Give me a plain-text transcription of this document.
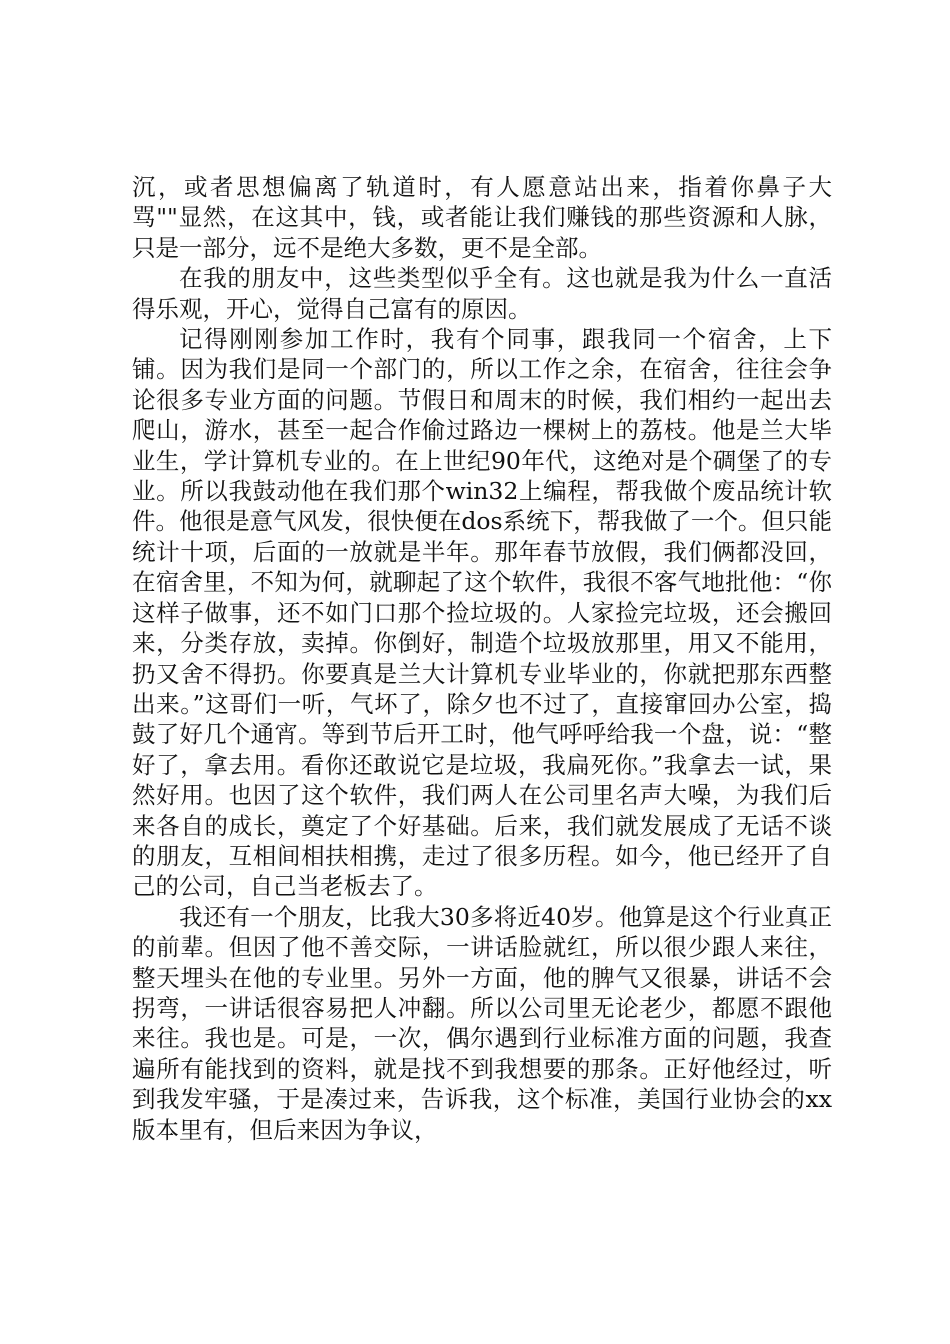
沉，或者思想偏离了轨道时，有人愿意站出来，指着你鼻子大骂""显然，在这其中，钱，或者能让我们赚钱的那些资源和人脉，只是一部分，远不是绝大多数，更不是全部。

在我的朋友中，这些类型似乎全有。这也就是我为什么一直活得乐观，开心，觉得自己富有的原因。

记得刚刚参加工作时，我有个同事，跟我同一个宿舍，上下铺。因为我们是同一个部门的，所以工作之余，在宿舍，往往会争论很多专业方面的问题。节假日和周末的时候，我们相约一起出去爬山，游水，甚至一起合作偷过路边一棵树上的荔枝。他是兰大毕业生，学计算机专业的。在上世纪90年代，这绝对是个碉堡了的专业。所以我鼓动他在我们那个win32上编程，帮我做个废品统计软件。他很是意气风发，很快便在dos系统下，帮我做了一个。但只能统计十项，后面的一放就是半年。那年春节放假，我们俩都没回，在宿舍里，不知为何，就聊起了这个软件，我很不客气地批他：“你这样子做事，还不如门口那个捡垃圾的。人家捡完垃圾，还会搬回来，分类存放，卖掉。你倒好，制造个垃圾放那里，用又不能用，扔又舍不得扔。你要真是兰大计算机专业毕业的，你就把那东西整出来。”这哥们一听，气坏了，除夕也不过了，直接窜回办公室，捣鼓了好几个通宵。等到节后开工时，他气呼呼给我一个盘，说：“整好了，拿去用。看你还敢说它是垃圾，我扁死你。”我拿去一试，果然好用。也因了这个软件，我们两人在公司里名声大噪，为我们后来各自的成长，奠定了个好基础。后来，我们就发展成了无话不谈的朋友，互相间相扶相携，走过了很多历程。如今，他已经开了自己的公司，自己当老板去了。

我还有一个朋友，比我大30多将近40岁。他算是这个行业真正的前辈。但因了他不善交际，一讲话脸就红，所以很少跟人来往，整天埋头在他的专业里。另外一方面，他的脾气又很暴，讲话不会拐弯，一讲话很容易把人冲翻。所以公司里无论老少，都愿不跟他来往。我也是。可是，一次，偶尔遇到行业标准方面的问题，我查遍所有能找到的资料，就是找不到我想要的那条。正好他经过，听到我发牢骚，于是凑过来，告诉我，这个标准，美国行业协会的xx版本里有，但后来因为争议，
